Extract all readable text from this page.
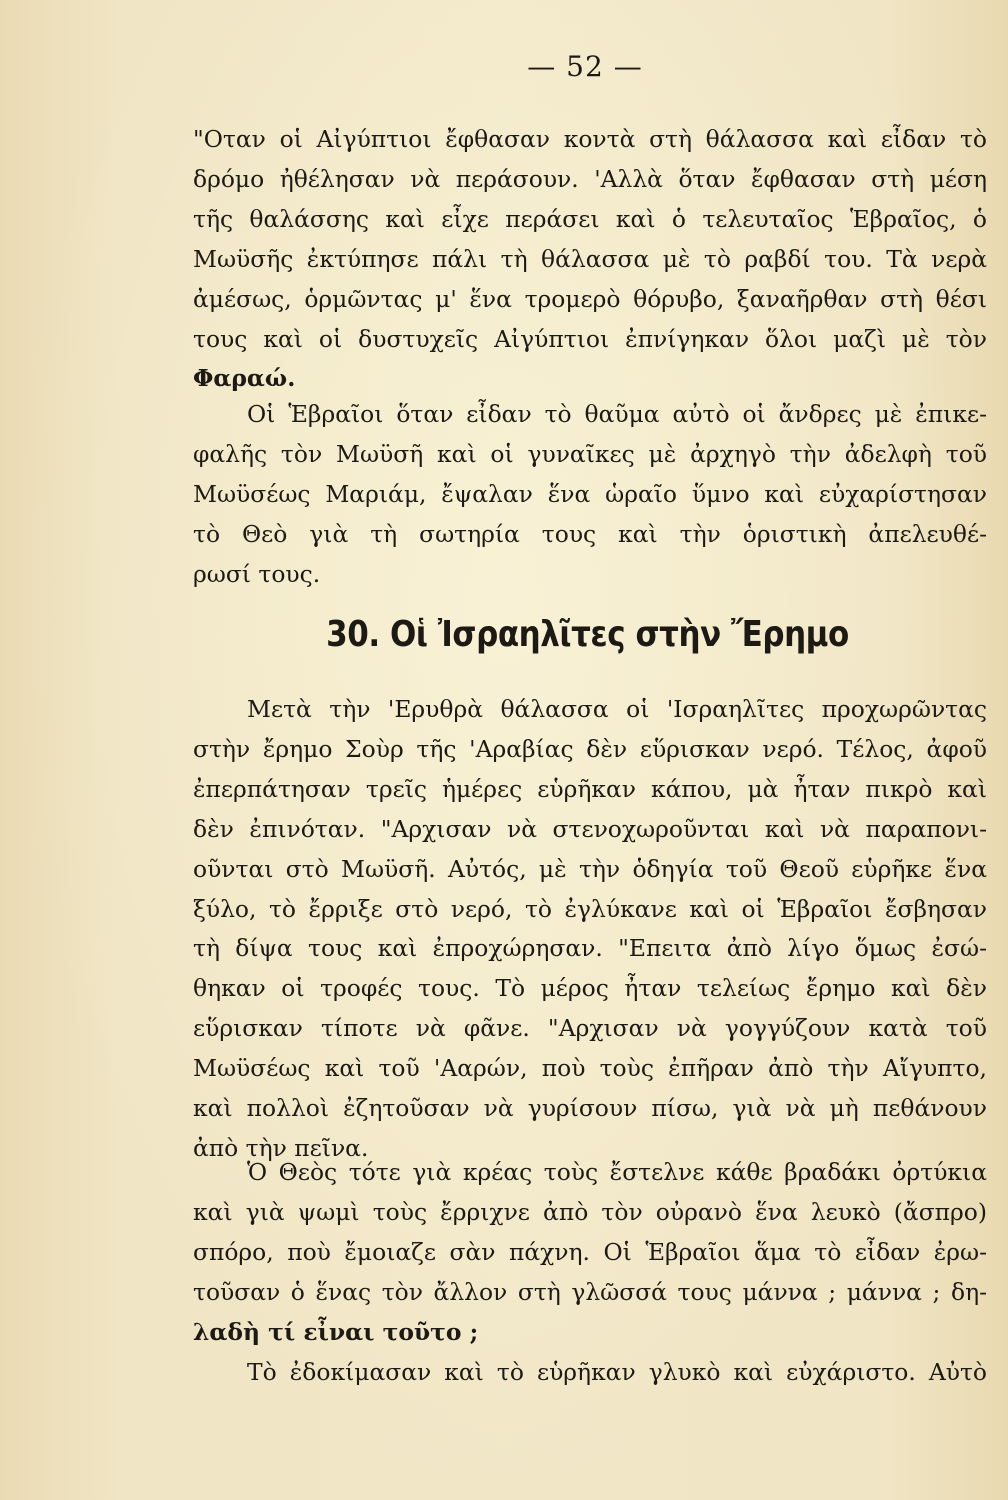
— 52 —
"Οταν οἱ Αἰγύπτιοι ἔφθασαν κοντὰ στὴ θάλασσα καὶ εἶδαν τὸ
δρόμο ἠθέλησαν νὰ περάσουν. 'Αλλὰ ὅταν ἔφθασαν στὴ μέση
τῆς θαλάσσης καὶ εἶχε περάσει καὶ ὁ τελευταῖος Ἑβραῖος, ὁ
Μωϋσῆς ἐκτύπησε πάλι τὴ θάλασσα μὲ τὸ ραβδί του. Τὰ νερὰ
ἀμέσως, ὁρμῶντας μ' ἕνα τρομερὸ θόρυβο, ξαναῆρθαν στὴ θέσι
τους καὶ οἱ δυστυχεῖς Αἰγύπτιοι ἐπνίγηκαν ὅλοι μαζὶ μὲ τὸν
Φαραώ.
Οἱ Ἑβραῖοι ὅταν εἶδαν τὸ θαῦμα αὐτὸ οἱ ἄνδρες μὲ ἐπικε-
φαλῆς τὸν Μωϋσῆ καὶ οἱ γυναῖκες μὲ ἀρχηγὸ τὴν ἀδελφὴ τοῦ
Μωϋσέως Μαριάμ, ἔψαλαν ἕνα ὡραῖο ὕμνο καὶ εὐχαρίστησαν
τὸ Θεὸ γιὰ τὴ σωτηρία τους καὶ τὴν ὁριστικὴ ἀπελευθέ-
ρωσί τους.
30. Οἱ Ἰσραηλῖτες στὴν Ἔρημο
Μετὰ τὴν 'Ερυθρὰ θάλασσα οἱ 'Ισραηλῖτες προχωρῶντας
στὴν ἔρημο Σοὺρ τῆς 'Αραβίας δὲν εὕρισκαν νερό. Τέλος, ἀφοῦ
ἐπερπάτησαν τρεῖς ἡμέρες εὑρῆκαν κάπου, μὰ ἦταν πικρὸ καὶ
δὲν ἐπινόταν. "Αρχισαν νὰ στενοχωροῦνται καὶ νὰ παραπονι-
οῦνται στὸ Μωϋσῆ. Αὐτός, μὲ τὴν ὁδηγία τοῦ Θεοῦ εὑρῆκε ἕνα
ξύλο, τὸ ἔρριξε στὸ νερό, τὸ ἐγλύκανε καὶ οἱ Ἑβραῖοι ἔσβησαν
τὴ δίψα τους καὶ ἐπροχώρησαν. "Επειτα ἀπὸ λίγο ὅμως ἐσώ-
θηκαν οἱ τροφές τους. Τὸ μέρος ἦταν τελείως ἔρημο καὶ δὲν
εὕρισκαν τίποτε νὰ φᾶνε. "Αρχισαν νὰ γογγύζουν κατὰ τοῦ
Μωϋσέως καὶ τοῦ 'Ααρών, ποὺ τοὺς ἐπῆραν ἀπὸ τὴν Αἴγυπτο,
καὶ πολλοὶ ἐζητοῦσαν νὰ γυρίσουν πίσω, γιὰ νὰ μὴ πεθάνουν
ἀπὸ τὴν πεῖνα.
Ὁ Θεὸς τότε γιὰ κρέας τοὺς ἔστελνε κάθε βραδάκι ὀρτύκια
καὶ γιὰ ψωμὶ τοὺς ἔρριχνε ἀπὸ τὸν οὐρανὸ ἕνα λευκὸ (ἄσπρο)
σπόρο, ποὺ ἔμοιαζε σὰν πάχνη. Οἱ Ἑβραῖοι ἅμα τὸ εἶδαν ἐρω-
τοῦσαν ὁ ἕνας τὸν ἄλλον στὴ γλῶσσά τους μάννα ; μάννα ; δη-
λαδὴ τί εἶναι τοῦτο ;
Τὸ ἐδοκίμασαν καὶ τὸ εὑρῆκαν γλυκὸ καὶ εὐχάριστο. Αὐτὸ
